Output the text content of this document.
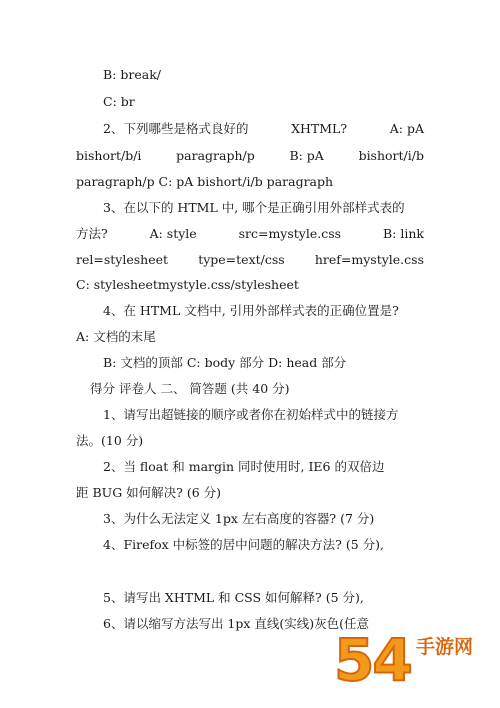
B: break/
C: br
2、下列哪些是格式良好的	XHTML?	A: pA
bishort/b/i	paragraph/p	B: pA	bishort/i/b
paragraph/p C: pA bishort/i/b paragraph
3、在以下的 HTML 中, 哪个是正确引用外部样式表的
方法?	A: style	src=mystyle.css	B: link
rel=stylesheet type=text/css href=mystyle.css
C: stylesheetmystyle.css/stylesheet
4、在 HTML 文档中, 引用外部样式表的正确位置是?
A: 文档的末尾
B: 文档的顶部 C: body 部分 D: head 部分
得分 评卷人 二、 简答题 (共 40 分)
1、请写出超链接的顺序或者你在初始样式中的链接方
法。(10 分)
2、当 float 和 margin 同时使用时, IE6 的双倍边
距 BUG 如何解决? (6 分)
3、为什么无法定义 1px 左右高度的容器? (7 分)
4、Firefox 中标签的居中问题的解决方法? (5 分),
5、请写出 XHTML 和 CSS 如何解释? (5 分),
6、请以缩写方法写出 1px 直线(实线)灰色(任意
54 手游网
